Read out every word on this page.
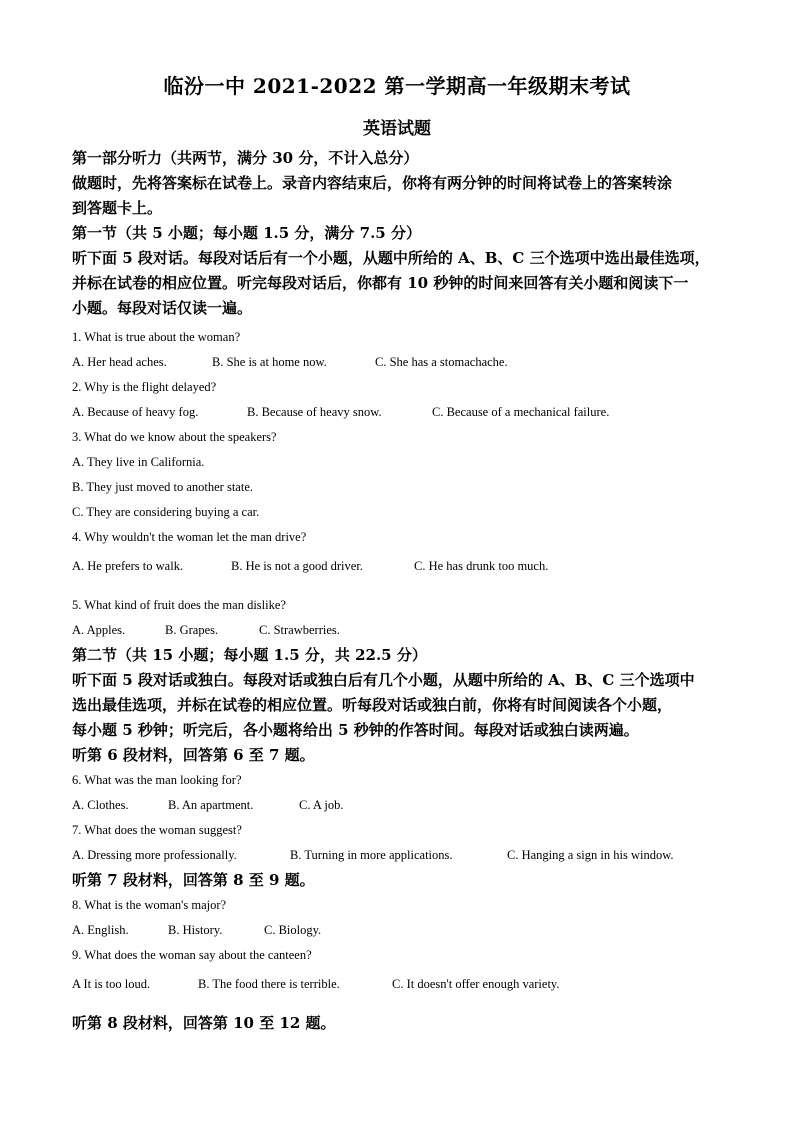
临汾一中 2021-2022 第一学期高一年级期末考试
英语试题

第一部分听力（共两节，满分 30 分，不计入总分）

做题时，先将答案标在试卷上。录音内容结束后，你将有两分钟的时间将试卷上的答案转涂

到答题卡上。

第一节（共 5 小题；每小题 1.5 分，满分 7.5 分）

听下面 5 段对话。每段对话后有一个小题，从题中所给的 A、B、C 三个选项中选出最佳选项，

并标在试卷的相应位置。听完每段对话后，你都有 10 秒钟的时间来回答有关小题和阅读下一

小题。每段对话仅读一遍。

1. What is true about the woman?

A. Her head aches.	B. She is at home now.	C. She has a stomachache.

2. Why is the flight delayed?

A. Because of heavy fog.	B. Because of heavy snow.	C. Because of a mechanical failure.

3. What do we know about the speakers?

A. They live in California.

B. They just moved to another state.

C. They are considering buying a car.

4. Why wouldn't the woman let the man drive?

A. He prefers to walk.	B. He is not a good driver.	C. He has drunk too much.

5. What kind of fruit does the man dislike?

A. Apples.	B. Grapes.	C. Strawberries.

第二节（共 15 小题；每小题 1.5 分，共 22.5 分）

听下面 5 段对话或独白。每段对话或独白后有几个小题，从题中所给的 A、B、C 三个选项中

选出最佳选项，并标在试卷的相应位置。听每段对话或独白前，你将有时间阅读各个小题，

每小题 5 秒钟；听完后，各小题将给出 5 秒钟的作答时间。每段对话或独白读两遍。

听第 6 段材料，回答第 6 至 7 题。

6. What was the man looking for?

A. Clothes.	B. An apartment.	C. A job.

7. What does the woman suggest?

A. Dressing more professionally.	B. Turning in more applications.	C. Hanging a sign in his window.

听第 7 段材料，回答第 8 至 9 题。

8. What is the woman's major?

A. English.	B. History.	C. Biology.

9. What does the woman say about the canteen?

A It is too loud.	B. The food there is terrible.	C. It doesn't offer enough variety.

听第 8 段材料，回答第 10 至 12 题。
